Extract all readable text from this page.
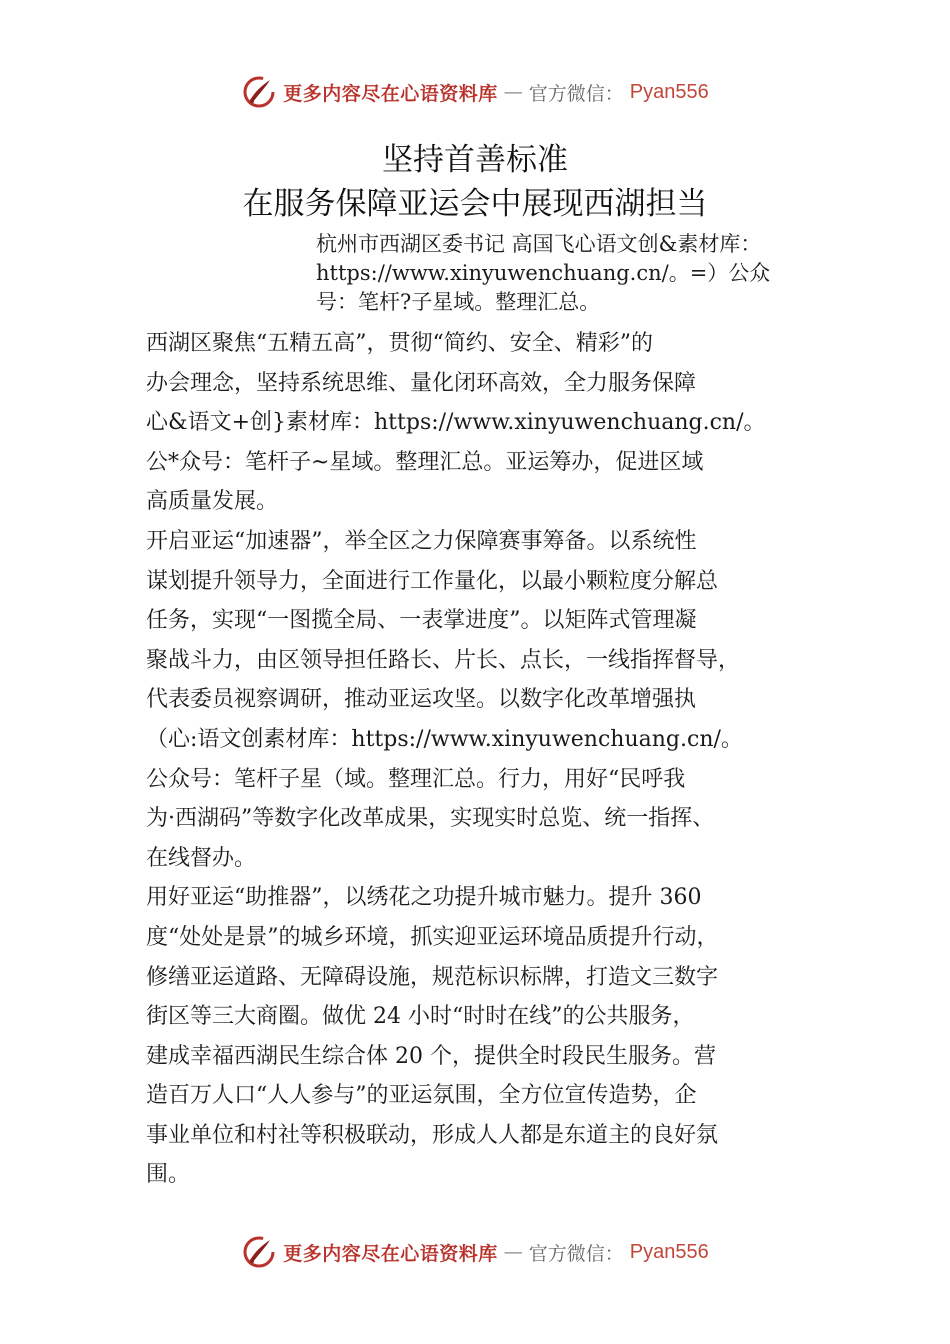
更多内容尽在心语资料库 — 官方微信： Pyan556
坚持首善标准
在服务保障亚运会中展现西湖担当
杭州市西湖区委书记 高国飞心语文创&素材库：
https://www.xinyuwenchuang.cn/。=）公众
号：笔杆?子星域。整理汇总。
西湖区聚焦“五精五高”，贯彻“简约、安全、精彩”的
办会理念，坚持系统思维、量化闭环高效，全力服务保障
心&语文+创}素材库：https://www.xinyuwenchuang.cn/。
公*众号：笔杆子~星域。整理汇总。亚运筹办，促进区域
高质量发展。
开启亚运“加速器”，举全区之力保障赛事筹备。以系统性
谋划提升领导力，全面进行工作量化，以最小颗粒度分解总
任务，实现“一图揽全局、一表掌进度”。以矩阵式管理凝
聚战斗力，由区领导担任路长、片长、点长，一线指挥督导，
代表委员视察调研，推动亚运攻坚。以数字化改革增强执
（心:语文创素材库：https://www.xinyuwenchuang.cn/。
公众号：笔杆子星（域。整理汇总。行力，用好“民呼我
为·西湖码”等数字化改革成果，实现实时总览、统一指挥、
在线督办。
用好亚运“助推器”，以绣花之功提升城市魅力。提升 360
度“处处是景”的城乡环境，抓实迎亚运环境品质提升行动，
修缮亚运道路、无障碍设施，规范标识标牌，打造文三数字
街区等三大商圈。做优 24 小时“时时在线”的公共服务，
建成幸福西湖民生综合体 20 个，提供全时段民生服务。营
造百万人口“人人参与”的亚运氛围，全方位宣传造势，企
事业单位和村社等积极联动，形成人人都是东道主的良好氛
围。
更多内容尽在心语资料库 — 官方微信： Pyan556
